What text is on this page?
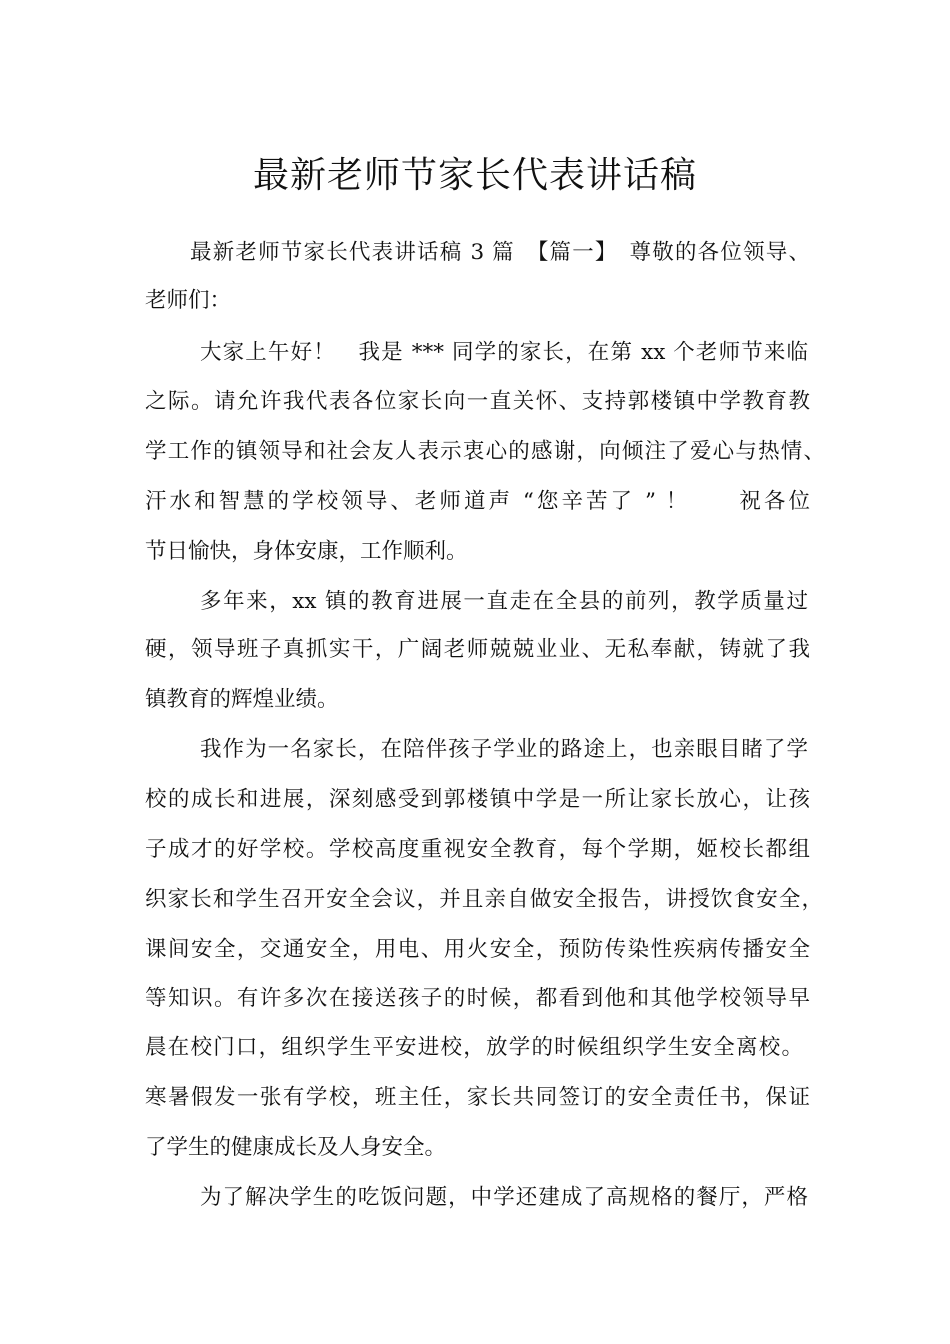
最新老师节家长代表讲话稿
最新老师节家长代表讲话稿 3 篇　【篇一】　尊敬的各位领导、
老师们：
大家上午好！　我是 *** 同学的家长，在第 xx 个老师节来临
之际。请允许我代表各位家长向一直关怀、支持郭楼镇中学教育教
学工作的镇领导和社会友人表示衷心的感谢，向倾注了爱心与热情、
汗水和智慧的学校领导、老师道声 “您辛苦了 ” ！　　祝各位
节日愉快，身体安康，工作顺利。
多年来，xx 镇的教育进展一直走在全县的前列，教学质量过
硬，领导班子真抓实干，广阔老师兢兢业业、无私奉献，铸就了我
镇教育的辉煌业绩。
我作为一名家长，在陪伴孩子学业的路途上，也亲眼目睹了学
校的成长和进展，深刻感受到郭楼镇中学是一所让家长放心，让孩
子成才的好学校。学校高度重视安全教育，每个学期，姬校长都组
织家长和学生召开安全会议，并且亲自做安全报告，讲授饮食安全，
课间安全，交通安全，用电、用火安全，预防传染性疾病传播安全
等知识。有许多次在接送孩子的时候，都看到他和其他学校领导早
晨在校门口，组织学生平安进校，放学的时候组织学生安全离校。
寒暑假发一张有学校，班主任，家长共同签订的安全责任书，保证
了学生的健康成长及人身安全。
为了解决学生的吃饭问题，中学还建成了高规格的餐厅，严格
